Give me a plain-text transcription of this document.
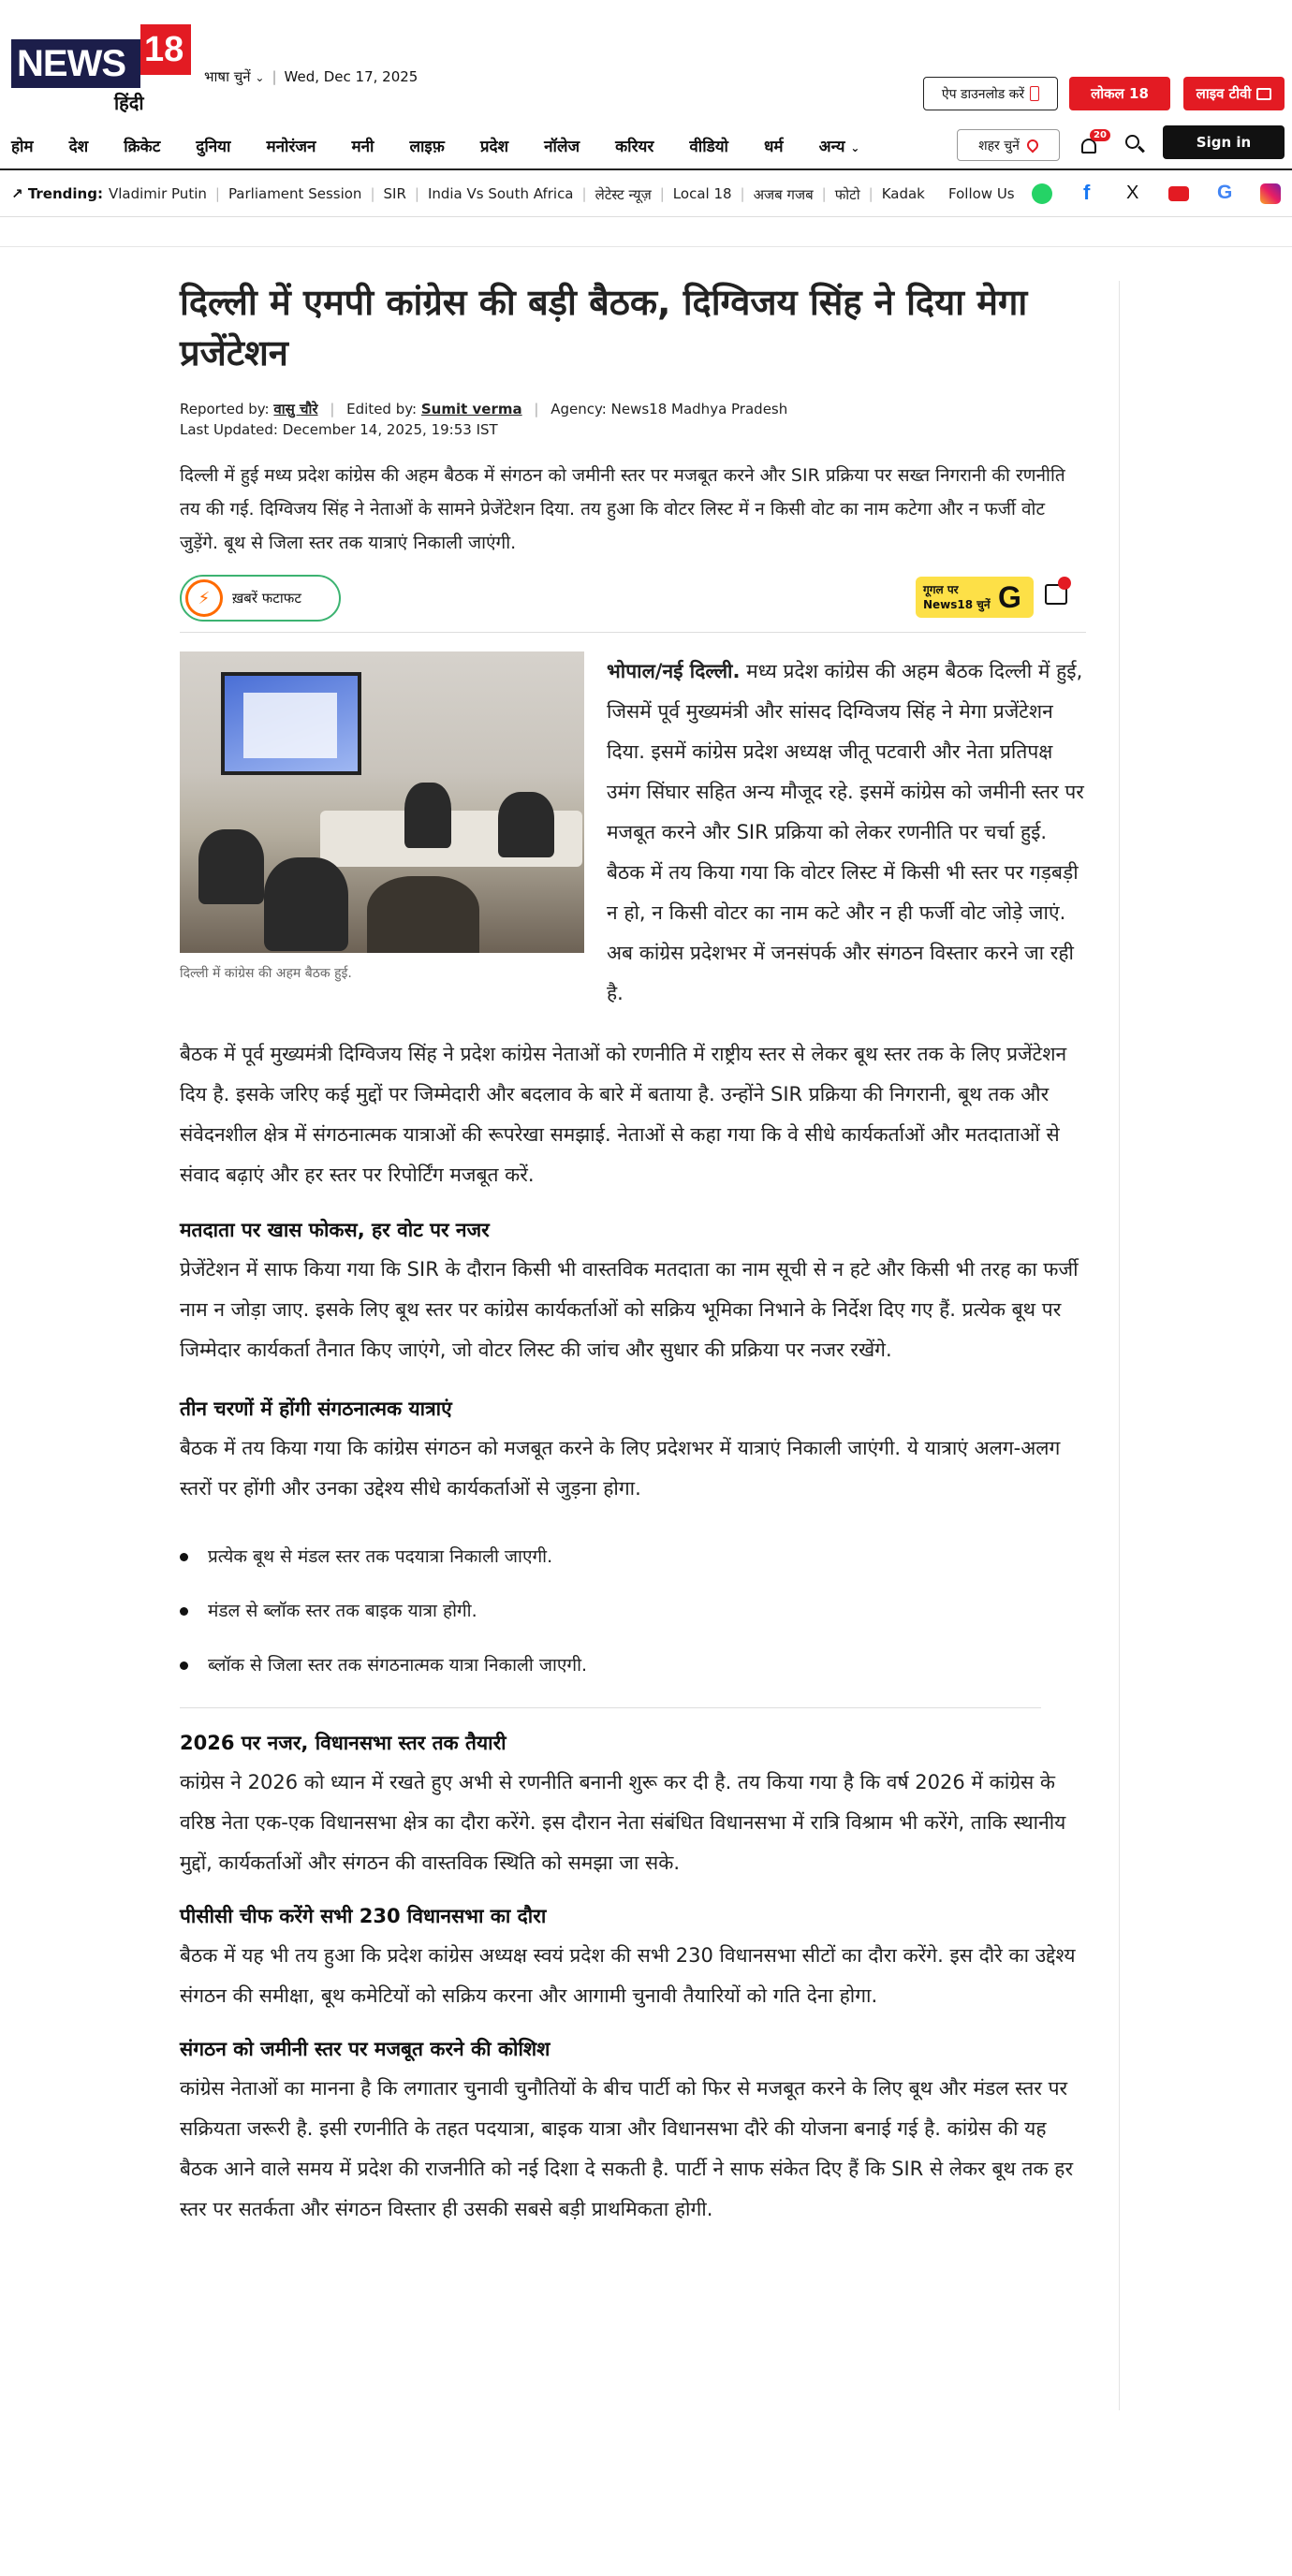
NEWS 18
हिंदी
भाषा चुनें ⌄ | Wed, Dec 17, 2025
ऐप डाउनलोड करें	लोकल 18	लाइव टीवी
होम देश क्रिकेट दुनिया मनोरंजन मनी लाइफ़ प्रदेश नॉलेज करियर वीडियो धर्म अन्य ⌄	शहर चुनें
20	Sign in
↗ Trending: Vladimir Putin | Parliament Session | SIR | India Vs South Africa | लेटेस्ट न्यूज़ | Local 18 | अजब गजब | फोटो | Kadak Follow Us
f
X
G
दिल्ली में एमपी कांग्रेस की बड़ी बैठक, दिग्विजय सिंह ने दिया मेगा प्रजेंटेशन
Reported by: वासु चौरे | Edited by: Sumit verma | Agency: News18 Madhya Pradesh
Last Updated: December 14, 2025, 19:53 IST

दिल्ली में हुई मध्य प्रदेश कांग्रेस की अहम बैठक में संगठन को जमीनी स्तर पर मजबूत करने और SIR प्रक्रिया पर सख्त निगरानी की रणनीति तय की गई. दिग्विजय सिंह ने नेताओं के सामने प्रेजेंटेशन दिया. तय हुआ कि वोटर लिस्ट में न किसी वोट का नाम कटेगा और न फर्जी वोट जुड़ेंगे. बूथ से जिला स्तर तक यात्राएं निकाली जाएंगी.

⚡	ख़बरें फटाफट	गूगल पर
News18 चुनें G
दिल्ली में कांग्रेस की अहम बैठक हुई.

भोपाल/नई दिल्ली. मध्य प्रदेश कांग्रेस की अहम बैठक दिल्ली में हुई, जिसमें पूर्व मुख्यमंत्री और सांसद दिग्विजय सिंह ने मेगा प्रजेंटेशन दिया. इसमें कांग्रेस प्रदेश अध्यक्ष जीतू पटवारी और नेता प्रतिपक्ष उमंग सिंघार सहित अन्य मौजूद रहे. इसमें कांग्रेस को जमीनी स्तर पर मजबूत करने और SIR प्रक्रिया को लेकर रणनीति पर चर्चा हुई. बैठक में तय किया गया कि वोटर लिस्ट में किसी भी स्तर पर गड़बड़ी न हो, न किसी वोटर का नाम कटे और न ही फर्जी वोट जोड़े जाएं. अब कांग्रेस प्रदेशभर में जनसंपर्क और संगठन विस्तार करने जा रही है.

बैठक में पूर्व मुख्यमंत्री दिग्विजय सिंह ने प्रदेश कांग्रेस नेताओं को रणनीति में राष्ट्रीय स्तर से लेकर बूथ स्तर तक के लिए प्रजेंटेशन दिय है. इसके जरिए कई मुद्दों पर जिम्मेदारी और बदलाव के बारे में बताया है. उन्होंने SIR प्रक्रिया की निगरानी, बूथ तक और संवेदनशील क्षेत्र में संगठनात्मक यात्राओं की रूपरेखा समझाई. नेताओं से कहा गया कि वे सीधे कार्यकर्ताओं और मतदाताओं से संवाद बढ़ाएं और हर स्तर पर रिपोर्टिंग मजबूत करें.

मतदाता पर खास फोकस, हर वोट पर नजर

प्रेजेंटेशन में साफ किया गया कि SIR के दौरान किसी भी वास्तविक मतदाता का नाम सूची से न हटे और किसी भी तरह का फर्जी नाम न जोड़ा जाए. इसके लिए बूथ स्तर पर कांग्रेस कार्यकर्ताओं को सक्रिय भूमिका निभाने के निर्देश दिए गए हैं. प्रत्येक बूथ पर जिम्मेदार कार्यकर्ता तैनात किए जाएंगे, जो वोटर लिस्ट की जांच और सुधार की प्रक्रिया पर नजर रखेंगे.

तीन चरणों में होंगी संगठनात्मक यात्राएं

बैठक में तय किया गया कि कांग्रेस संगठन को मजबूत करने के लिए प्रदेशभर में यात्राएं निकाली जाएंगी. ये यात्राएं अलग-अलग स्तरों पर होंगी और उनका उद्देश्य सीधे कार्यकर्ताओं से जुड़ना होगा.

प्रत्येक बूथ से मंडल स्तर तक पदयात्रा निकाली जाएगी.
मंडल से ब्लॉक स्तर तक बाइक यात्रा होगी.
ब्लॉक से जिला स्तर तक संगठनात्मक यात्रा निकाली जाएगी.
2026 पर नजर, विधानसभा स्तर तक तैयारी

कांग्रेस ने 2026 को ध्यान में रखते हुए अभी से रणनीति बनानी शुरू कर दी है. तय किया गया है कि वर्ष 2026 में कांग्रेस के वरिष्ठ नेता एक-एक विधानसभा क्षेत्र का दौरा करेंगे. इस दौरान नेता संबंधित विधानसभा में रात्रि विश्राम भी करेंगे, ताकि स्थानीय मुद्दों, कार्यकर्ताओं और संगठन की वास्तविक स्थिति को समझा जा सके.

पीसीसी चीफ करेंगे सभी 230 विधानसभा का दौरा

बैठक में यह भी तय हुआ कि प्रदेश कांग्रेस अध्यक्ष स्वयं प्रदेश की सभी 230 विधानसभा सीटों का दौरा करेंगे. इस दौरे का उद्देश्य संगठन की समीक्षा, बूथ कमेटियों को सक्रिय करना और आगामी चुनावी तैयारियों को गति देना होगा.

संगठन को जमीनी स्तर पर मजबूत करने की कोशिश

कांग्रेस नेताओं का मानना है कि लगातार चुनावी चुनौतियों के बीच पार्टी को फिर से मजबूत करने के लिए बूथ और मंडल स्तर पर सक्रियता जरूरी है. इसी रणनीति के तहत पदयात्रा, बाइक यात्रा और विधानसभा दौरे की योजना बनाई गई है. कांग्रेस की यह बैठक आने वाले समय में प्रदेश की राजनीति को नई दिशा दे सकती है. पार्टी ने साफ संकेत दिए हैं कि SIR से लेकर बूथ तक हर स्तर पर सतर्कता और संगठन विस्तार ही उसकी सबसे बड़ी प्राथमिकता होगी.
